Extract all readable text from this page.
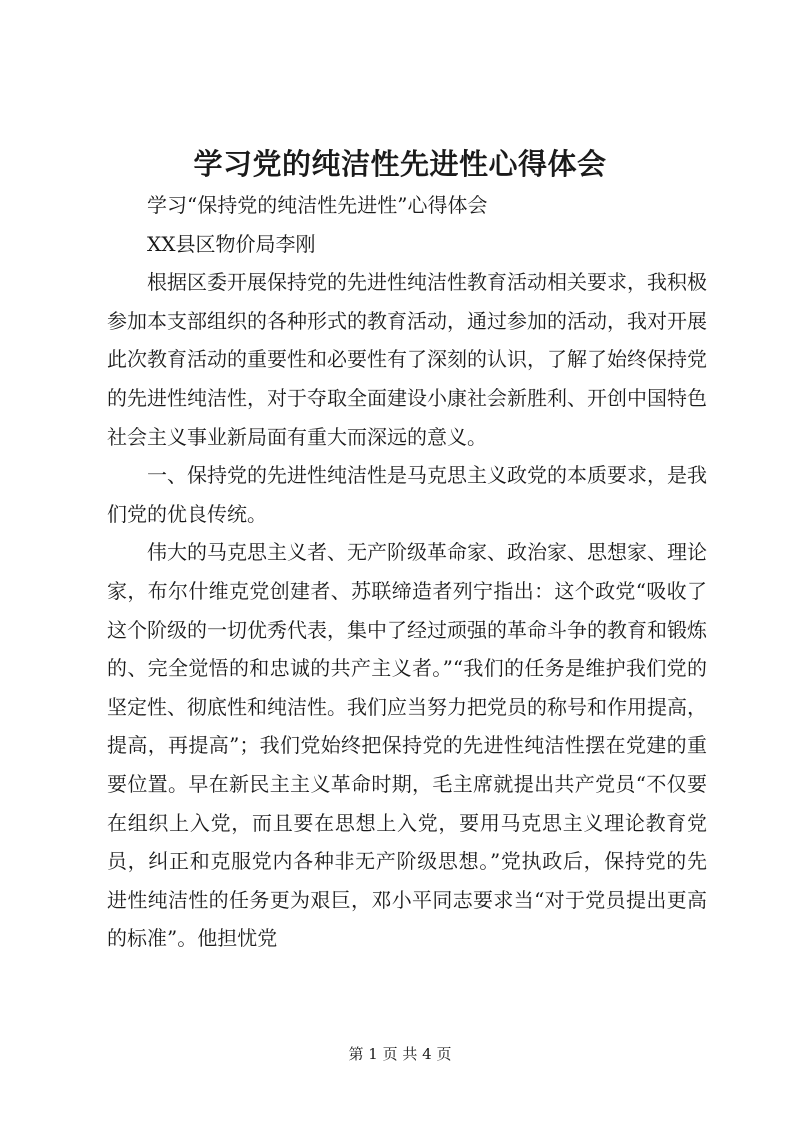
学习党的纯洁性先进性心得体会

学习“保持党的纯洁性先进性”心得体会

XX县区物价局李刚

根据区委开展保持党的先进性纯洁性教育活动相关要求，我积极参加本支部组织的各种形式的教育活动，通过参加的活动，我对开展此次教育活动的重要性和必要性有了深刻的认识，了解了始终保持党的先进性纯洁性，对于夺取全面建设小康社会新胜利、开创中国特色社会主义事业新局面有重大而深远的意义。

一、保持党的先进性纯洁性是马克思主义政党的本质要求，是我们党的优良传统。

伟大的马克思主义者、无产阶级革命家、政治家、思想家、理论家，布尔什维克党创建者、苏联缔造者列宁指出：这个政党“吸收了这个阶级的一切优秀代表，集中了经过顽强的革命斗争的教育和锻炼的、完全觉悟的和忠诚的共产主义者。”“我们的任务是维护我们党的坚定性、彻底性和纯洁性。我们应当努力把党员的称号和作用提高，提高，再提高”；我们党始终把保持党的先进性纯洁性摆在党建的重要位置。早在新民主主义革命时期，毛主席就提出共产党员“不仅要在组织上入党，而且要在思想上入党，要用马克思主义理论教育党员，纠正和克服党内各种非无产阶级思想。”党执政后，保持党的先进性纯洁性的任务更为艰巨，邓小平同志要求当“对于党员提出更高的标准”。他担忧党

第 1 页 共 4 页
